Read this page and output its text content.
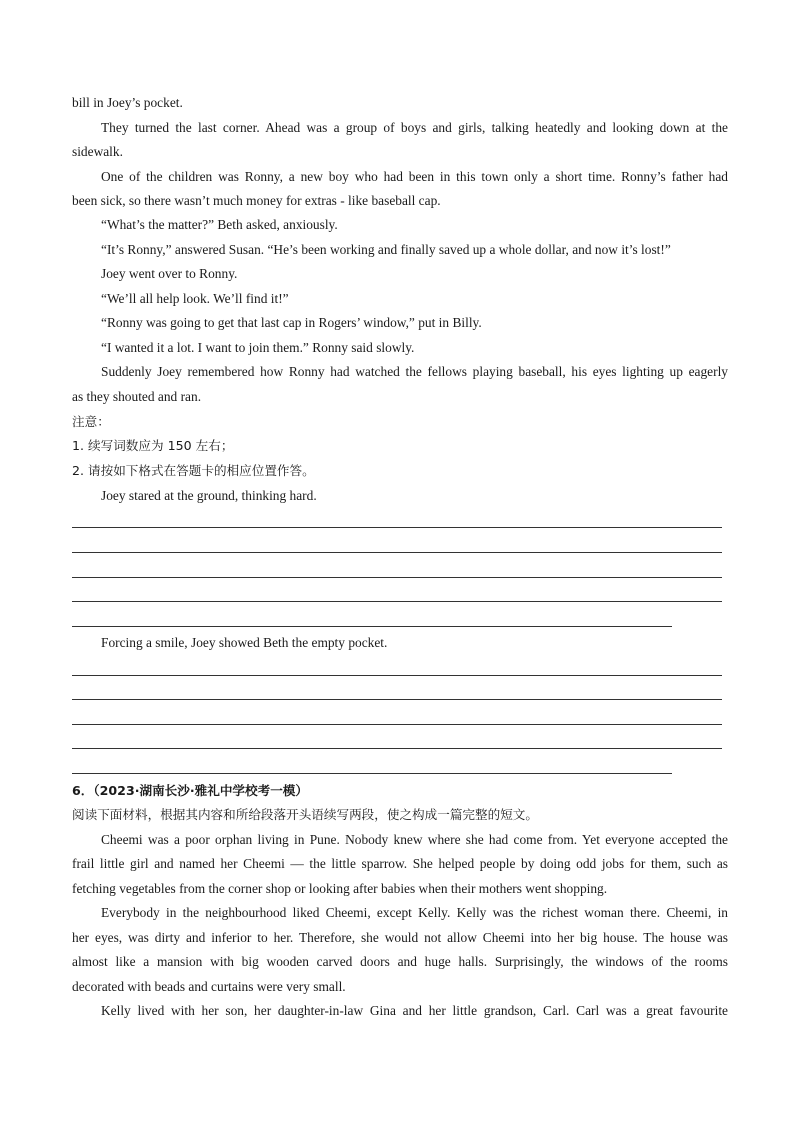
bill in Joey’s pocket.
They turned the last corner. Ahead was a group of boys and girls, talking heatedly and looking down at the
sidewalk.
One of the children was Ronny, a new boy who had been in this town only a short time. Ronny’s father had
been sick, so there wasn’t much money for extras - like baseball cap.
“What’s the matter?” Beth asked, anxiously.
“It’s Ronny,” answered Susan. “He’s been working and finally saved up a whole dollar, and now it’s lost!”
Joey went over to Ronny.
“We’ll all help look. We’ll find it!”
“Ronny was going to get that last cap in Rogers’ window,” put in Billy.
“I wanted it a lot. I want to join them.” Ronny said slowly.
Suddenly Joey remembered how Ronny had watched the fellows playing baseball, his eyes lighting up eagerly
as they shouted and ran.
注意：
1. 续写词数应为 150 左右；
2. 请按如下格式在答题卡的相应位置作答。
Joey stared at the ground, thinking hard.
Forcing a smile, Joey showed Beth the empty pocket.
6．（2023·湖南长沙·雅礼中学校考一模）
阅读下面材料，根据其内容和所给段落开头语续写两段，使之构成一篇完整的短文。
Cheemi was a poor orphan living in Pune. Nobody knew where she had come from. Yet everyone accepted the
frail little girl and named her Cheemi — the little sparrow. She helped people by doing odd jobs for them, such as
fetching vegetables from the corner shop or looking after babies when their mothers went shopping.
Everybody in the neighbourhood liked Cheemi, except Kelly. Kelly was the richest woman there. Cheemi, in
her eyes, was dirty and inferior to her. Therefore, she would not allow Cheemi into her big house. The house was
almost like a mansion with big wooden carved doors and huge halls. Surprisingly, the windows of the rooms
decorated with beads and curtains were very small.
Kelly lived with her son, her daughter-in-law Gina and her little grandson, Carl. Carl was a great favourite
